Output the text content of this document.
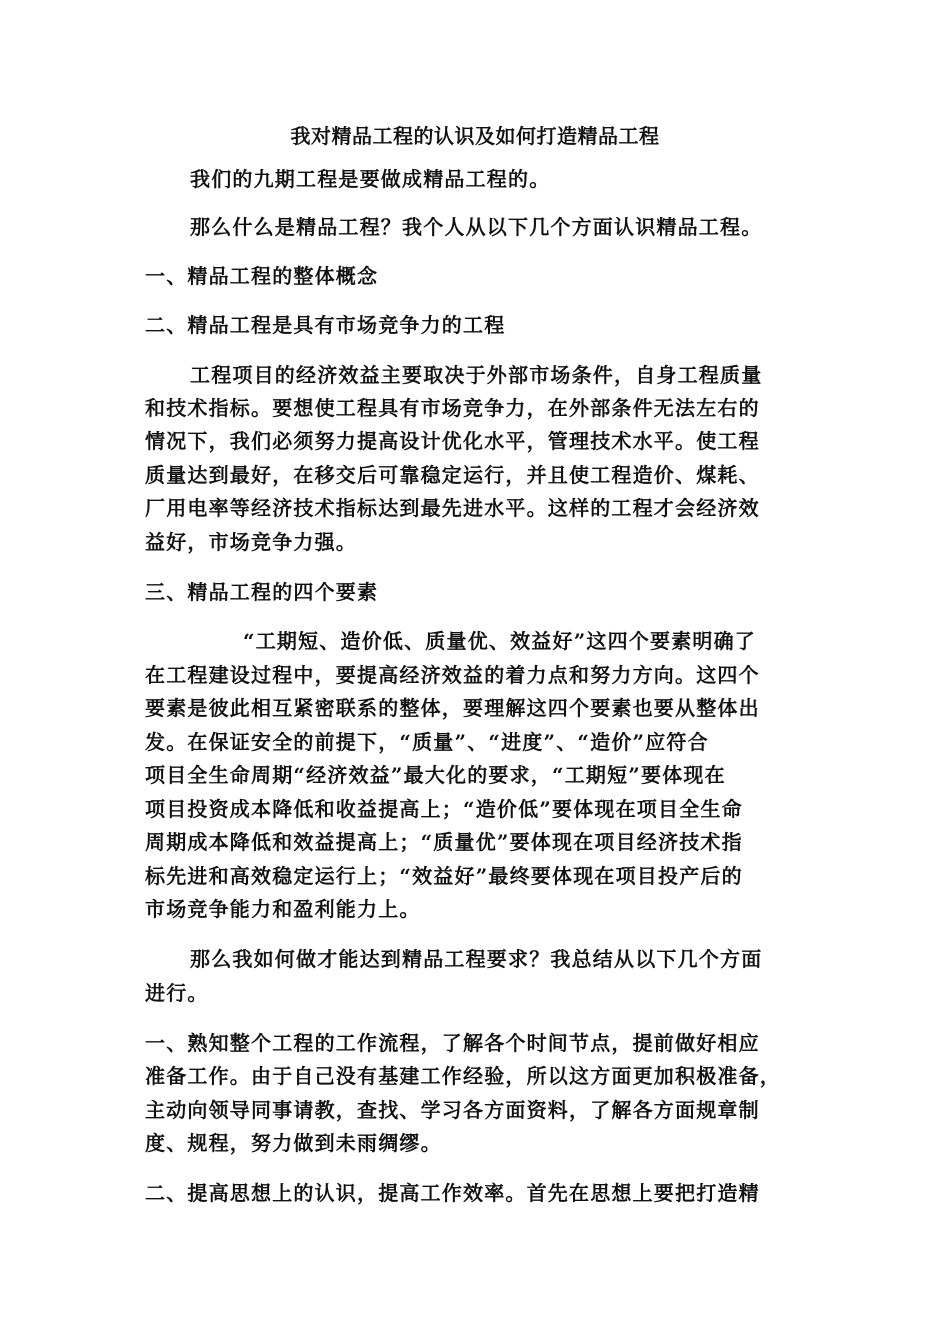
我对精品工程的认识及如何打造精品工程
我们的九期工程是要做成精品工程的。
那么什么是精品工程？我个人从以下几个方面认识精品工程。
一、精品工程的整体概念
二、精品工程是具有市场竞争力的工程
工程项目的经济效益主要取决于外部市场条件，自身工程质量
和技术指标。要想使工程具有市场竞争力，在外部条件无法左右的
情况下，我们必须努力提高设计优化水平，管理技术水平。使工程
质量达到最好，在移交后可靠稳定运行，并且使工程造价、煤耗、
厂用电率等经济技术指标达到最先进水平。这样的工程才会经济效
益好，市场竞争力强。
三、精品工程的四个要素
“工期短、造价低、质量优、效益好”这四个要素明确了
在工程建设过程中，要提高经济效益的着力点和努力方向。这四个
要素是彼此相互紧密联系的整体，要理解这四个要素也要从整体出
发。在保证安全的前提下，“质量”、“进度”、“造价”应符合
项目全生命周期“经济效益”最大化的要求，“工期短”要体现在
项目投资成本降低和收益提高上；“造价低”要体现在项目全生命
周期成本降低和效益提高上；“质量优”要体现在项目经济技术指
标先进和高效稳定运行上；“效益好”最终要体现在项目投产后的
市场竞争能力和盈利能力上。
那么我如何做才能达到精品工程要求？我总结从以下几个方面
进行。
一、熟知整个工程的工作流程，了解各个时间节点，提前做好相应
准备工作。由于自己没有基建工作经验，所以这方面更加积极准备，
主动向领导同事请教，查找、学习各方面资料，了解各方面规章制
度、规程，努力做到未雨绸缪。
二、提高思想上的认识，提高工作效率。首先在思想上要把打造精
